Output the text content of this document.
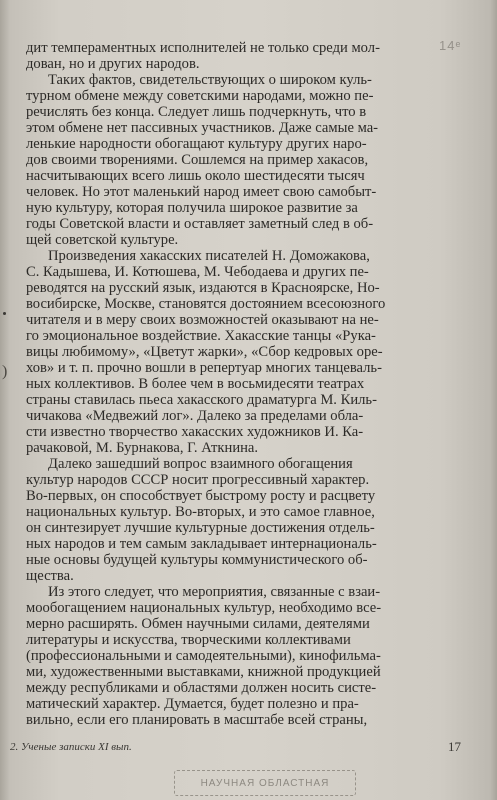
14ᵉ
)

дит темпераментных исполнителей не только среди мол-
дован, но и других народов.

Таких фактов, свидетельствующих о широком куль-
турном обмене между советскими народами, можно пе-
речислять без конца. Следует лишь подчеркнуть, что в
этом обмене нет пассивных участников. Даже самые ма-
ленькие народности обогащают культуру других наро-
дов своими творениями. Сошлемся на пример хакасов,
насчитывающих всего лишь около шестидесяти тысяч
человек. Но этот маленький народ имеет свою самобыт-
ную культуру, которая получила широкое развитие за
годы Советской власти и оставляет заметный след в об-
щей советской культуре.

Произведения хакасских писателей Н. Доможакова,
С. Кадышева, И. Котюшева, М. Чебодаева и других пе-
реводятся на русский язык, издаются в Красноярске, Но-
восибирске, Москве, становятся достоянием всесоюзного
читателя и в меру своих возможностей оказывают на не-
го эмоциональное воздействие. Хакасские танцы «Рука-
вицы любимому», «Цветут жарки», «Сбор кедровых оре-
хов» и т. п. прочно вошли в репертуар многих танцеваль-
ных коллективов. В более чем в восьмидесяти театрах
страны ставилась пьеса хакасского драматурга М. Киль-
чичакова «Медвежий лог». Далеко за пределами обла-
сти известно творчество хакасских художников И. Ка-
рачаковой, М. Бурнакова, Г. Аткнина.

Далеко зашедший вопрос взаимного обогащения
культур народов СССР носит прогрессивный характер.
Во-первых, он способствует быстрому росту и расцвету
национальных культур. Во-вторых, и это самое главное,
он синтезирует лучшие культурные достижения отдель-
ных народов и тем самым закладывает интернациональ-
ные основы будущей культуры коммунистического об-
щества.

Из этого следует, что мероприятия, связанные с взаи-
мообогащением национальных культур, необходимо все-
мерно расширять. Обмен научными силами, деятелями
литературы и искусства, творческими коллективами
(профессиональными и самодеятельными), кинофильма-
ми, художественными выставками, книжной продукцией
между республиками и областями должен носить систе-
матический характер. Думается, будет полезно и пра-
вильно, если его планировать в масштабе всей страны,

2. Ученые записки XI вып.	17
НАУЧНАЯ ОБЛАСТНАЯ
